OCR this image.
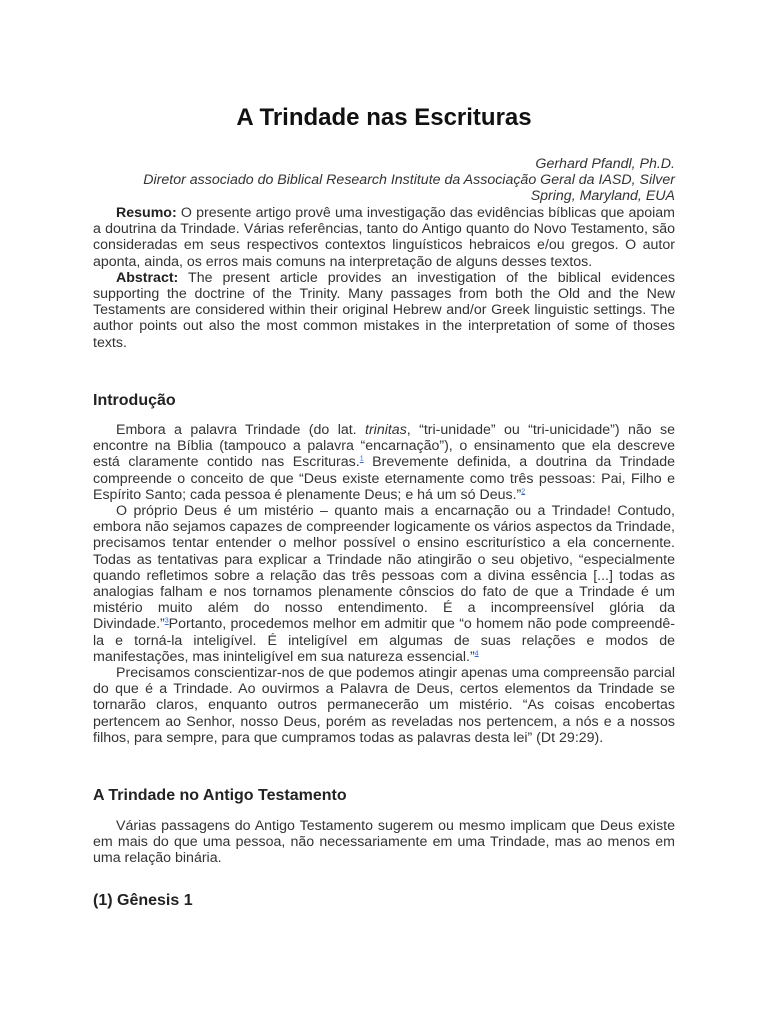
A Trindade nas Escrituras
Gerhard Pfandl, Ph.D.
Diretor associado do Biblical Research Institute da Associação Geral da IASD, Silver
Spring, Maryland, EUA

Resumo: O presente artigo provê uma investigação das evidências bíblicas que apoiam a doutrina da Trindade. Várias referências, tanto do Antigo quanto do Novo Testamento, são consideradas em seus respectivos contextos linguísticos hebraicos e/ou gregos. O autor aponta, ainda, os erros mais comuns na interpretação de alguns desses textos.

Abstract: The present article provides an investigation of the biblical evidences supporting the doctrine of the Trinity. Many passages from both the Old and the New Testaments are considered within their original Hebrew and/or Greek linguistic settings. The author points out also the most common mistakes in the interpretation of some of thoses texts.

Introdução

Embora a palavra Trindade (do lat. trinitas, “tri-unidade” ou “tri-unicidade”) não se encontre na Bíblia (tampouco a palavra “encarnação”), o ensinamento que ela descreve está claramente contido nas Escrituras.$^1$ Brevemente definida, a doutrina da Trindade compreende o conceito de que “Deus existe eternamente como três pessoas: Pai, Filho e Espírito Santo; cada pessoa é plenamente Deus; e há um só Deus.”$^2$

O próprio Deus é um mistério – quanto mais a encarnação ou a Trindade! Contudo, embora não sejamos capazes de compreender logicamente os vários aspectos da Trindade, precisamos tentar entender o melhor possível o ensino escriturístico a ela concernente. Todas as tentativas para explicar a Trindade não atingirão o seu objetivo, “especialmente quando refletimos sobre a relação das três pessoas com a divina essência [...] todas as analogias falham e nos tornamos plenamente cônscios do fato de que a Trindade é um mistério muito além do nosso entendimento. É a incompreensível glória da Divindade.”$^3$Portanto, procedemos melhor em admitir que “o homem não pode compreendê-la e torná-la inteligível. É inteligível em algumas de suas relações e modos de manifestações, mas ininteligível em sua natureza essencial.”$^4$

Precisamos conscientizar-nos de que podemos atingir apenas uma compreensão parcial do que é a Trindade. Ao ouvirmos a Palavra de Deus, certos elementos da Trindade se tornarão claros, enquanto outros permanecerão um mistério. “As coisas encobertas pertencem ao Senhor, nosso Deus, porém as reveladas nos pertencem, a nós e a nossos filhos, para sempre, para que cumpramos todas as palavras desta lei” (Dt 29:29).

A Trindade no Antigo Testamento

Várias passagens do Antigo Testamento sugerem ou mesmo implicam que Deus existe em mais do que uma pessoa, não necessariamente em uma Trindade, mas ao menos em uma relação binária.

(1) Gênesis 1
